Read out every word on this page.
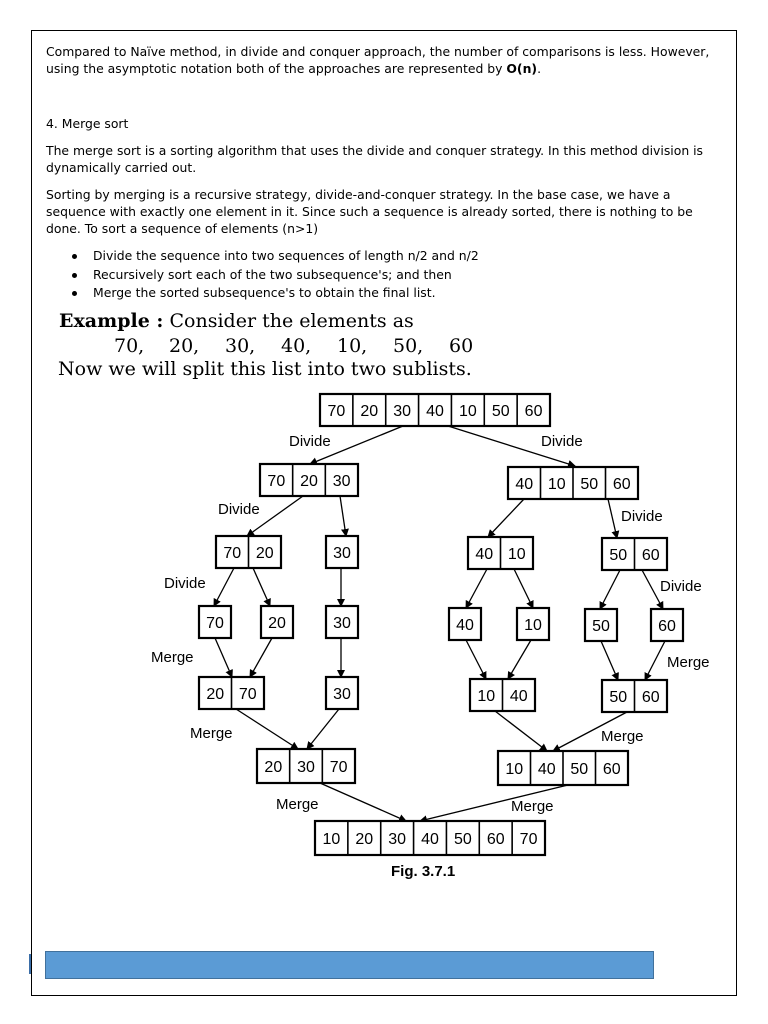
Compared to Naïve method, in divide and conquer approach, the number of comparisons is less. However,
using the asymptotic notation both of the approaches are represented by O(n).
4. Merge sort
The merge sort is a sorting algorithm that uses the divide and conquer strategy. In this method division is dynamically carried out.
Sorting by merging is a recursive strategy, divide-and-conquer strategy. In the base case, we have a sequence with exactly one element in it. Since such a sequence is already sorted, there is nothing to be done. To sort a sequence of elements (n>1)
Divide the sequence into two sequences of length n/2 and n/2
Recursively sort each of the two subsequence's; and then
Merge the sorted subsequence's to obtain the final list.
Example : Consider the elements as
70, 20, 30, 40, 10, 50, 60
Now we will split this list into two sublists.
70 20 30 40 10 50 60
70 20 30	40 10 50 60
70 20	30	40 10	50 60
70	20	30	40	10	50	60
20 70	30	10 40	50 60
20 30 70	10 40 50 60
10 20 30 40 50 60 70
Divide	Divide
Divide	Divide
Divide	Divide
Merge	Merge
Merge	Merge
Merge	Merge
Fig. 3.7.1
